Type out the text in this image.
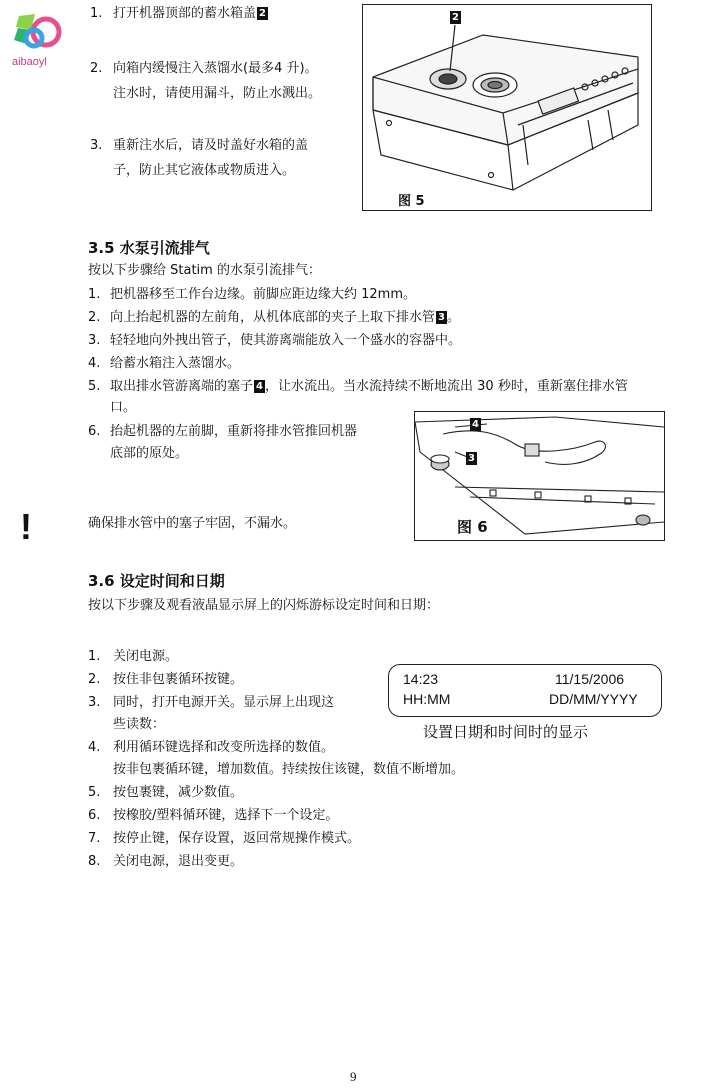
aibaoyl
1. 打开机器顶部的蓄水箱盖 2
2. 向箱内缓慢注入蒸馏水(最多4 升)。
注水时，请使用漏斗，防止水溅出。
3. 重新注水后，请及时盖好水箱的盖
子，防止其它液体或物质进入。
2
图 5
3.5 水泵引流排气
按以下步骤给 Statim 的水泵引流排气：
1. 把机器移至工作台边缘。前脚应距边缘大约 12mm。
2. 向上抬起机器的左前角，从机体底部的夹子上取下排水管 3 。
3. 轻轻地向外拽出管子，使其游离端能放入一个盛水的容器中。
4. 给蓄水箱注入蒸馏水。
5. 取出排水管游离端的塞子 4 ，让水流出。当水流持续不断地流出 30 秒时，重新塞住排水管
口。
6. 抬起机器的左前脚，重新将排水管推回机器
底部的原处。
!	确保排水管中的塞子牢固，不漏水。
4
3
图 6
3.6 设定时间和日期
按以下步骤及观看液晶显示屏上的闪烁游标设定时间和日期：
1. 关闭电源。
2. 按住非包裹循环按键。
3. 同时，打开电源开关。显示屏上出现这
些读数：
4. 利用循环键选择和改变所选择的数值。
按非包裹循环键，增加数值。持续按住该键，数值不断增加。
5. 按包裹键，减少数值。
6. 按橡胶/塑料循环键，选择下一个设定。
7. 按停止键，保存设置，返回常规操作模式。
8. 关闭电源，退出变更。
14:23	11/15/2006
HH:MM	DD/MM/YYYY
设置日期和时间时的显示
9
